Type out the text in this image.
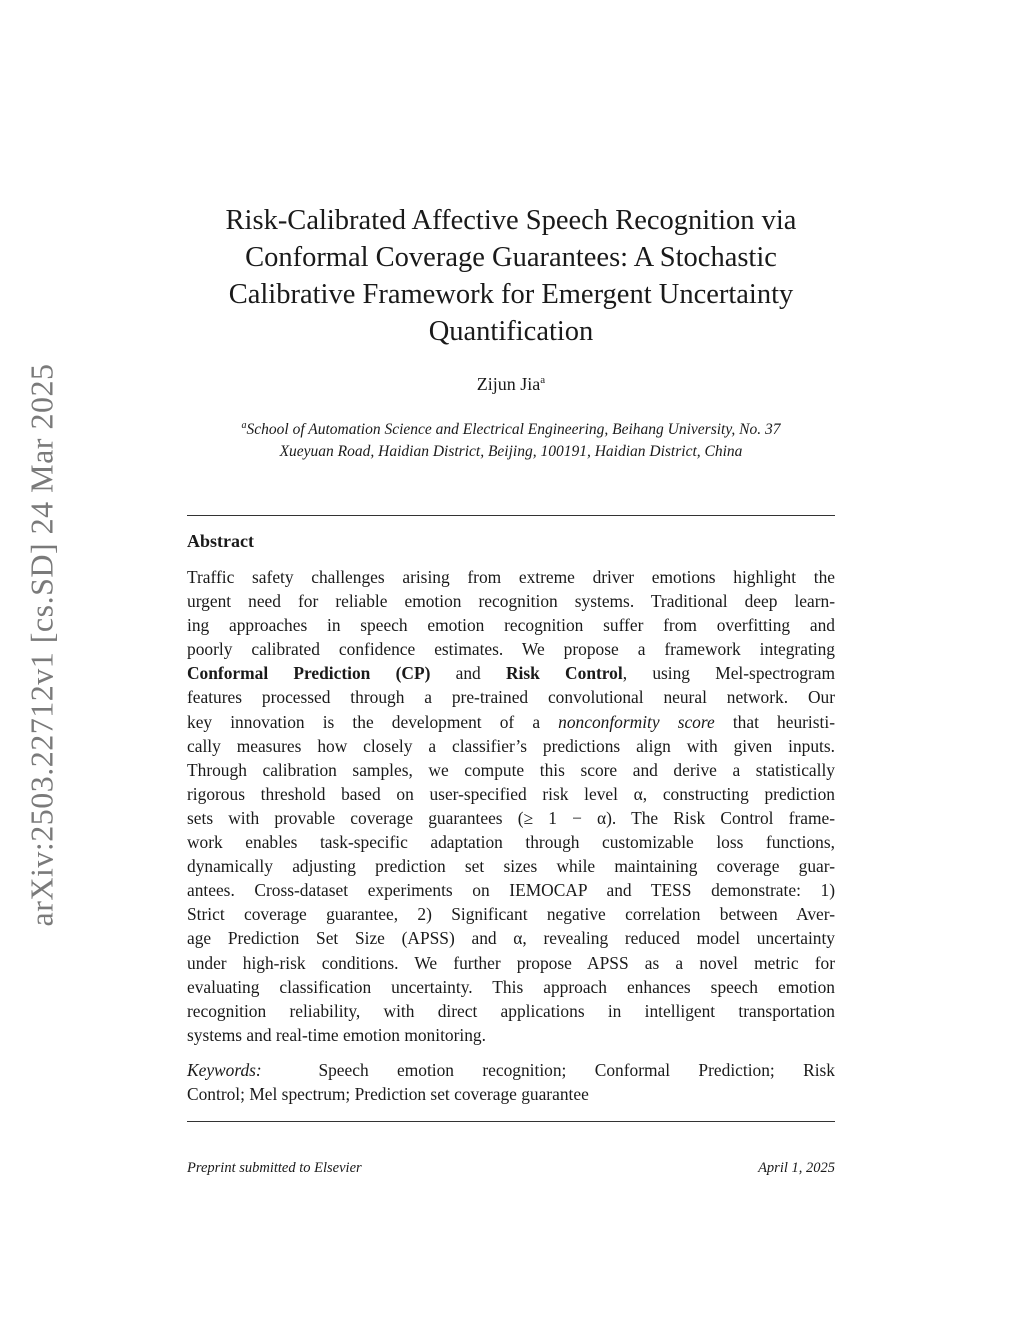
arXiv:2503.22712v1 [cs.SD] 24 Mar 2025
Risk-Calibrated Affective Speech Recognition via
Conformal Coverage Guarantees: A Stochastic
Calibrative Framework for Emergent Uncertainty
Quantification
Zijun Jia$^a$
$^a$School of Automation Science and Electrical Engineering, Beihang University, No. 37
Xueyuan Road, Haidian District, Beijing, 100191, Haidian District, China
Abstract
Traffic safety challenges arising from extreme driver emotions highlight the
urgent need for reliable emotion recognition systems. Traditional deep learn-
ing approaches in speech emotion recognition suffer from overfitting and
poorly calibrated confidence estimates. We propose a framework integrating
Conformal Prediction (CP) and Risk Control, using Mel-spectrogram
features processed through a pre-trained convolutional neural network. Our
key innovation is the development of a nonconformity score that heuristi-
cally measures how closely a classifier’s predictions align with given inputs.
Through calibration samples, we compute this score and derive a statistically
rigorous threshold based on user-specified risk level α, constructing prediction
sets with provable coverage guarantees (≥ 1 − α). The Risk Control frame-
work enables task-specific adaptation through customizable loss functions,
dynamically adjusting prediction set sizes while maintaining coverage guar-
antees. Cross-dataset experiments on IEMOCAP and TESS demonstrate: 1)
Strict coverage guarantee, 2) Significant negative correlation between Aver-
age Prediction Set Size (APSS) and α, revealing reduced model uncertainty
under high-risk conditions. We further propose APSS as a novel metric for
evaluating classification uncertainty. This approach enhances speech emotion
recognition reliability, with direct applications in intelligent transportation
systems and real-time emotion monitoring.
Keywords:	Speech emotion recognition; Conformal Prediction; Risk
Control; Mel spectrum; Prediction set coverage guarantee
Preprint submitted to Elsevier	April 1, 2025
